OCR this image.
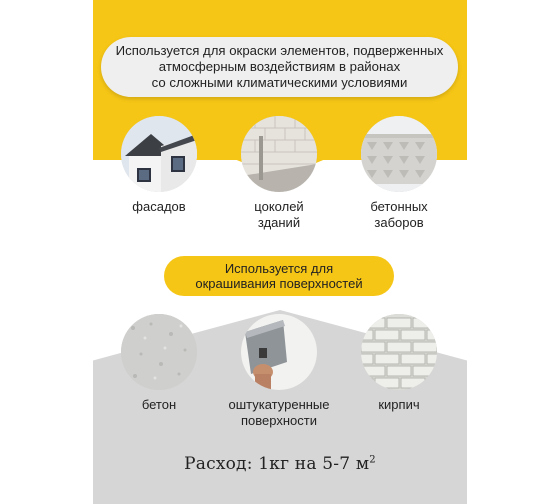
Используется для окраски элементов, подверженных
атмосферным воздействиям в районах
со сложными климатическими условиями
фасадов	цоколей
зданий
бетонных
заборов
Используется для
окрашивания поверхностей
бетон	оштукатуренные
поверхности
кирпич
Расход: 1кг на 5-7 $м^2$
